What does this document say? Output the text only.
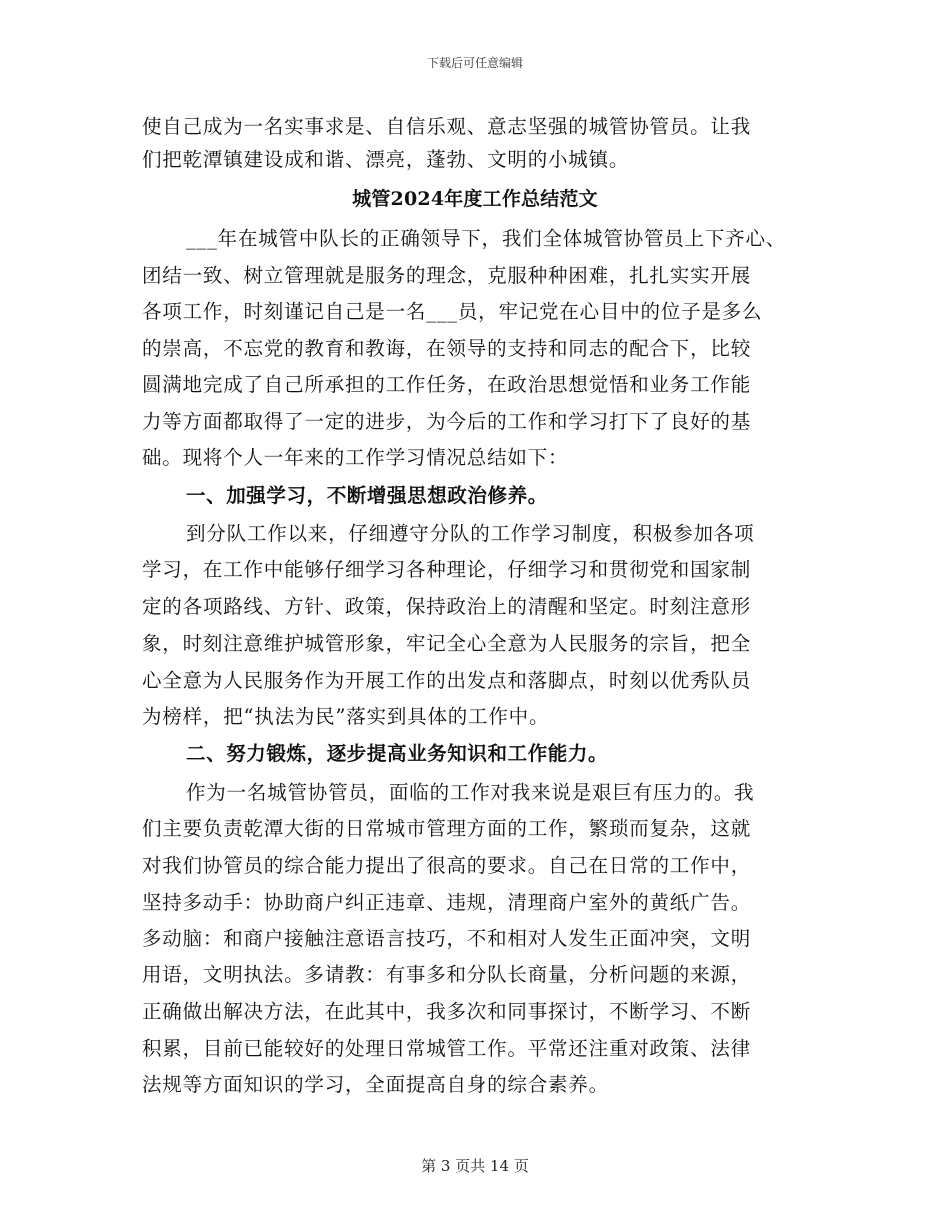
下载后可任意编辑
使自己成为一名实事求是、自信乐观、意志坚强的城管协管员。让我
们把乾潭镇建设成和谐、漂亮，蓬勃、文明的小城镇。
城管2024年度工作总结范文
___年在城管中队长的正确领导下，我们全体城管协管员上下齐心、
团结一致、树立管理就是服务的理念，克服种种困难，扎扎实实开展
各项工作，时刻谨记自己是一名___员，牢记党在心目中的位子是多么
的崇高，不忘党的教育和教诲，在领导的支持和同志的配合下，比较
圆满地完成了自己所承担的工作任务，在政治思想觉悟和业务工作能
力等方面都取得了一定的进步，为今后的工作和学习打下了良好的基
础。现将个人一年来的工作学习情况总结如下：
一、加强学习，不断增强思想政治修养。
到分队工作以来，仔细遵守分队的工作学习制度，积极参加各项
学习，在工作中能够仔细学习各种理论，仔细学习和贯彻党和国家制
定的各项路线、方针、政策，保持政治上的清醒和坚定。时刻注意形
象，时刻注意维护城管形象，牢记全心全意为人民服务的宗旨，把全
心全意为人民服务作为开展工作的出发点和落脚点，时刻以优秀队员
为榜样，把“执法为民”落实到具体的工作中。
二、努力锻炼，逐步提高业务知识和工作能力。
作为一名城管协管员，面临的工作对我来说是艰巨有压力的。我
们主要负责乾潭大街的日常城市管理方面的工作，繁琐而复杂，这就
对我们协管员的综合能力提出了很高的要求。自己在日常的工作中，
坚持多动手：协助商户纠正违章、违规，清理商户室外的黄纸广告。
多动脑：和商户接触注意语言技巧，不和相对人发生正面冲突，文明
用语，文明执法。多请教：有事多和分队长商量，分析问题的来源，
正确做出解决方法，在此其中，我多次和同事探讨，不断学习、不断
积累，目前已能较好的处理日常城管工作。平常还注重对政策、法律
法规等方面知识的学习，全面提高自身的综合素养。
第 3 页共 14 页
